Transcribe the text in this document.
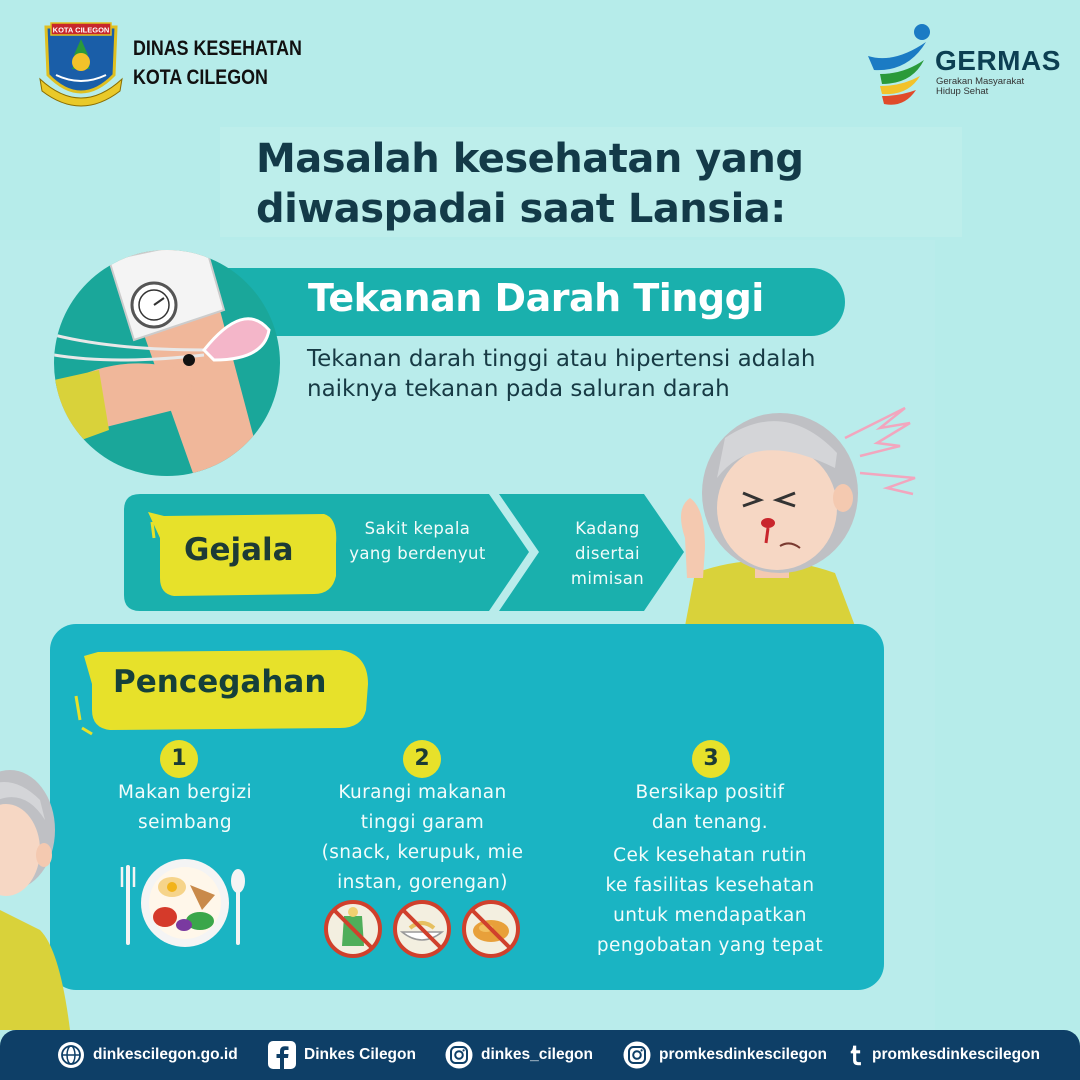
KOTA CILEGON
DINAS KESEHATAN
KOTA CILEGON
GERMAS
Gerakan Masyarakat
Hidup Sehat
Masalah kesehatan yang diwaspadai saat Lansia:
Tekanan Darah Tinggi
Tekanan darah tinggi atau hipertensi adalah naiknya tekanan pada saluran darah
Gejala
Sakit kepala yang berdenyut
Kadang disertai mimisan
Pencegahan
1	2	3
Makan bergizi
seimbang
Kurangi makanan
tinggi garam
(snack, kerupuk, mie
instan, gorengan)
Bersikap positif
dan tenang.
Cek kesehatan rutin
ke fasilitas kesehatan
untuk mendapatkan
pengobatan yang tepat
dinkescilegon.go.id	Dinkes Cilegon	dinkes_cilegon	promkesdinkescilegon	promkesdinkescilegon
